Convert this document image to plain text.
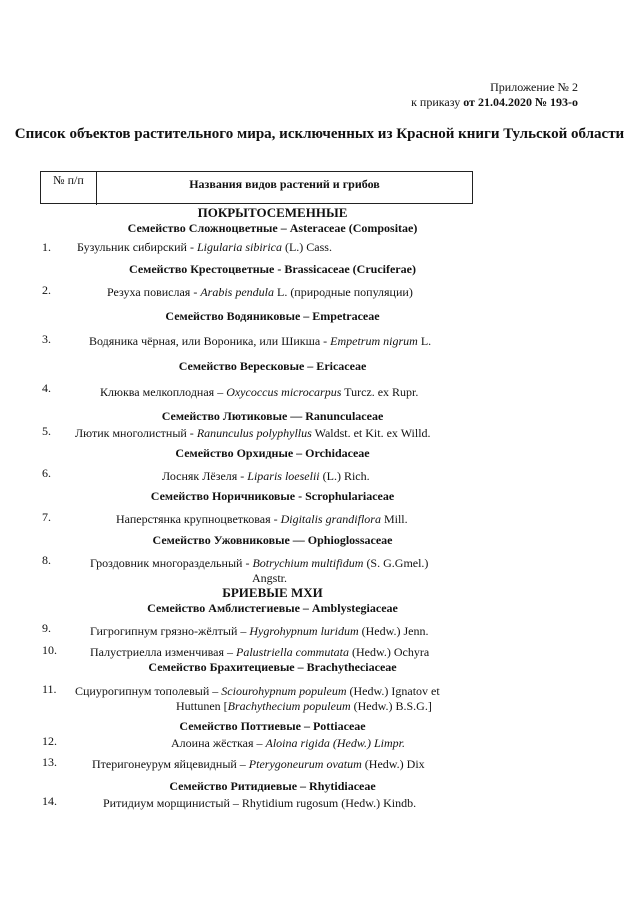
Приложение № 2
к приказу от 21.04.2020 № 193-о
Список объектов растительного мира, исключенных из Красной книги Тульской области
№ п/п	Названия видов растений и грибов
ПОКРЫТОСЕМЕННЫЕ
Семейство Сложноцветные – Asteraceae (Compositae)
1. Бузульник сибирский - Ligularia sibirica (L.) Cass.
Семейство Крестоцветные - Brassicaceae (Cruciferae)
2.	Резуха повислая - Arabis pendula L. (природные популяции)
Семейство Водяниковые – Empetraceae
3.	Водяника чёрная, или Вороника, или Шикша - Empetrum nigrum L.
Семейство Вересковые – Ericaceae
4.	Клюква мелкоплодная – Oxycoccus microcarpus Turcz. ex Rupr.
Семейство Лютиковые — Ranunculaceae
5. Лютик многолистный - Ranunculus polyphyllus Waldst. et Kit. ex Willd.
Семейство Орхидные – Orchidaceae
6.	Лосняк Лёзеля - Liparis loeselii (L.) Rich.
Семейство Норичниковые - Scrophulariaceae
7.	Наперстянка крупноцветковая - Digitalis grandiflora Mill.
Семейство Ужовниковые — Ophioglossaceae
8.	Гроздовник многораздельный - Botrychium multifidum (S. G.Gmel.)
Angstr.
БРИЕВЫЕ МХИ
Семейство Амблистегиевые – Amblystegiaceae
9.	Гигрогипнум грязно-жёлтый – Hygrohypnum luridum (Hedw.) Jenn.
10.	Палустриелла изменчивая – Palustriella commutata (Hedw.) Ochyra
Семейство Брахитециевые – Brachytheciaceae
11. Сциурогипнум тополевый – Sciourohypnum populeum (Hedw.) Ignatov et
Huttunen [Brachythecium populeum (Hedw.) B.S.G.]
Семейство Поттиевые – Pottiaceae
12.	Алоина жёсткая – Aloina rigida (Hedw.) Limpr.
13.	Птеригонеурум яйцевидный – Pterygoneurum ovatum (Hedw.) Dix
Семейство Ритидиевые – Rhytidiaceae
14.	Ритидиум морщинистый – Rhytidium rugosum (Hedw.) Kindb.
